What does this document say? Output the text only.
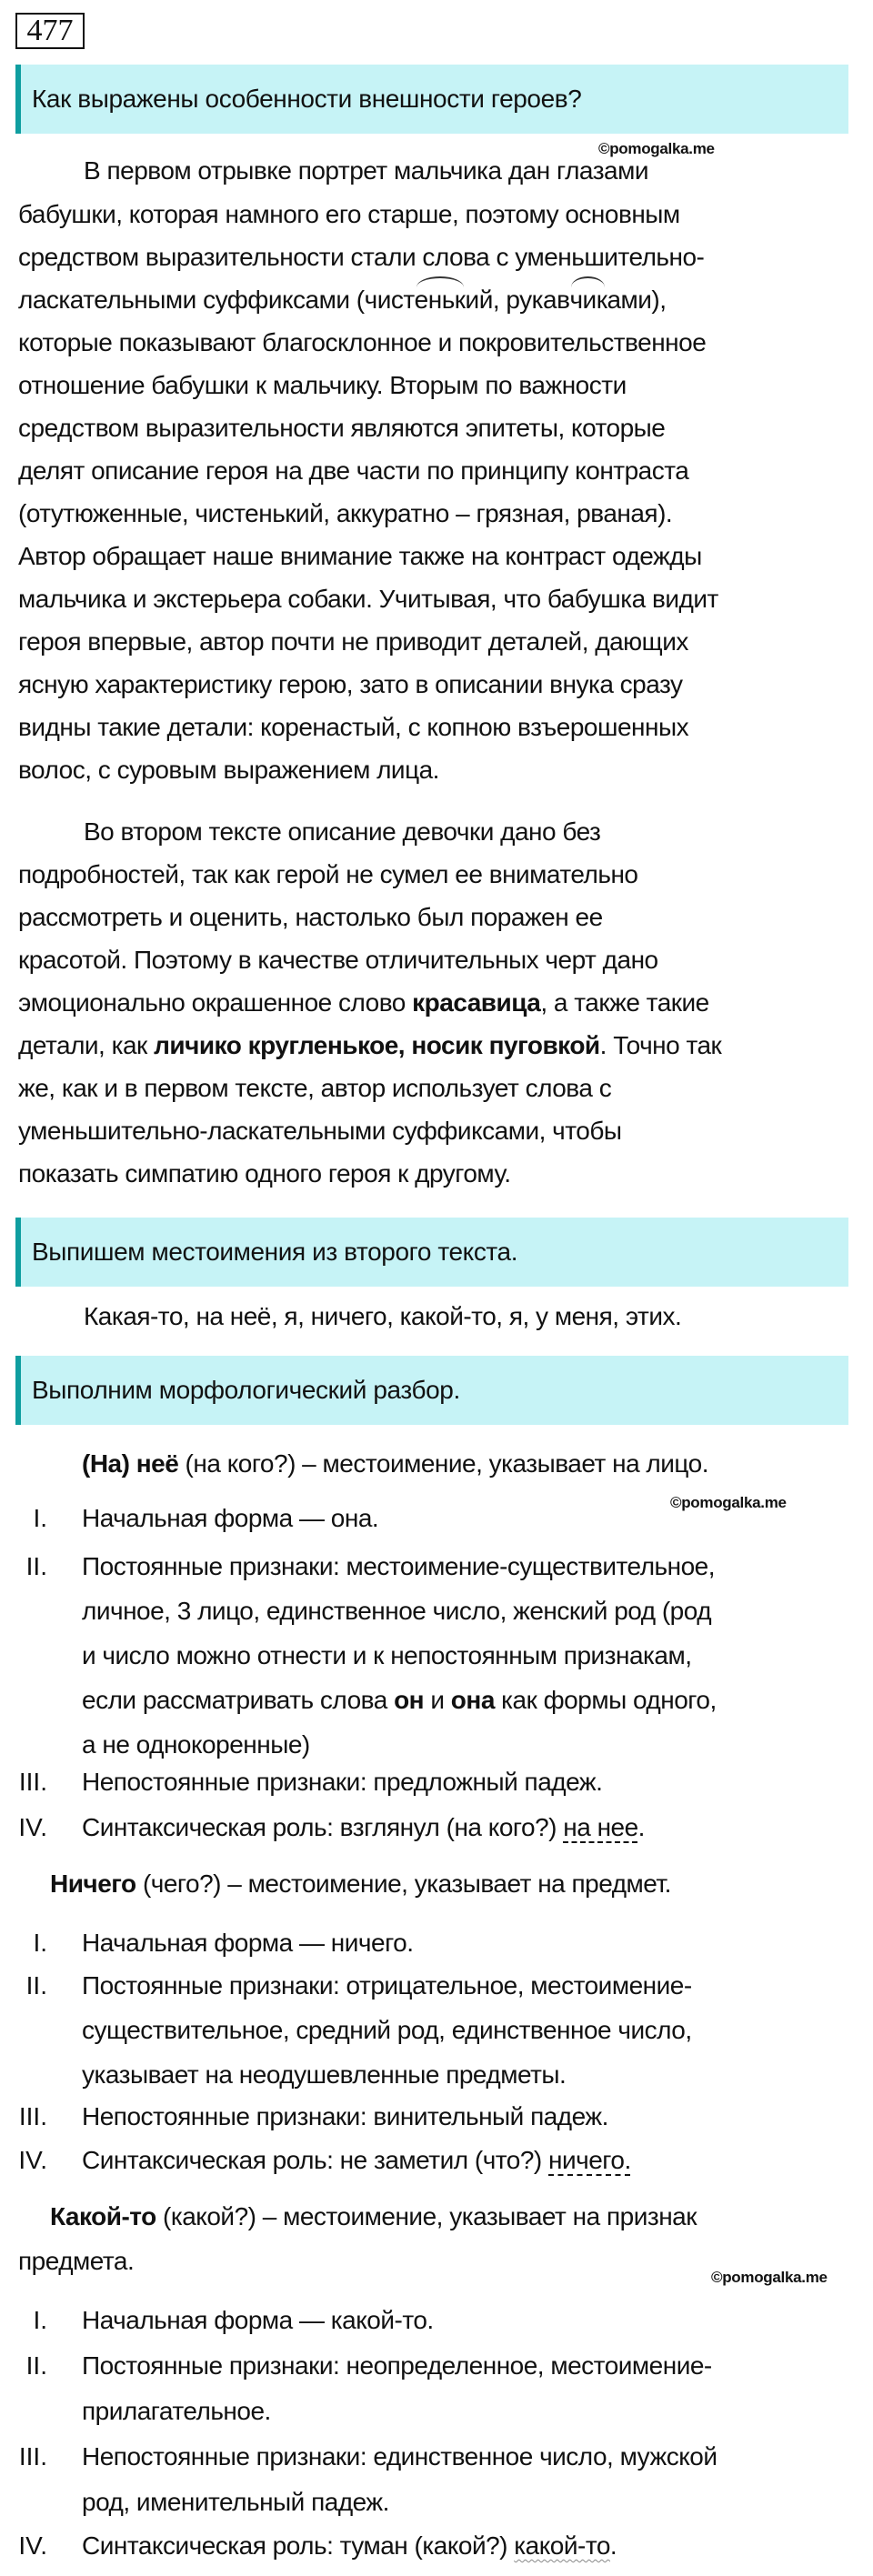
477
Как выражены особенности внешности героев?
©pomogalka.me
В первом отрывке портрет мальчика дан глазами
бабушки, которая намного его старше, поэтому основным
средством выразительности стали слова с уменьшительно-
ласкательными суффиксами (чистенький, рукавчиками),
которые показывают благосклонное и покровительственное
отношение бабушки к мальчику. Вторым по важности
средством выразительности являются эпитеты, которые
делят описание героя на две части по принципу контраста
(отутюженные, чистенький, аккуратно – грязная, рваная).
Автор обращает наше внимание также на контраст одежды
мальчика и экстерьера собаки. Учитывая, что бабушка видит
героя впервые, автор почти не приводит деталей, дающих
ясную характеристику герою, зато в описании внука сразу
видны такие детали: коренастый, с копною взъерошенных
волос, с суровым выражением лица.
Во втором тексте описание девочки дано без
подробностей, так как герой не сумел ее внимательно
рассмотреть и оценить, настолько был поражен ее
красотой. Поэтому в качестве отличительных черт дано
эмоционально окрашенное слово красавица, а также такие
детали, как личико кругленькое, носик пуговкой. Точно так
же, как и в первом тексте, автор использует слова с
уменьшительно-ласкательными суффиксами, чтобы
показать симпатию одного героя к другому.
Выпишем местоимения из второго текста.
Какая-то, на неё, я, ничего, какой-то, я, у меня, этих.
Выполним морфологический разбор.
(На) неё (на кого?) – местоимение, указывает на лицо.
©pomogalka.me
I. Начальная форма — она.
II. Постоянные признаки: местоимение-существительное,
личное, 3 лицо, единственное число, женский род (род
и число можно отнести и к непостоянным признакам,
если рассматривать слова он и она как формы одного,
а не однокоренные)
III. Непостоянные признаки: предложный падеж.
IV. Синтаксическая роль: взглянул (на кого?) на нее.
Ничего (чего?) – местоимение, указывает на предмет.
I. Начальная форма — ничего.
II. Постоянные признаки: отрицательное, местоимение-
существительное, средний род, единственное число,
указывает на неодушевленные предметы.
III. Непостоянные признаки: винительный падеж.
IV. Синтаксическая роль: не заметил (что?) ничего.
Какой-то (какой?) – местоимение, указывает на признак
предмета.
©pomogalka.me
I. Начальная форма — какой-то.
II. Постоянные признаки: неопределенное, местоимение-
прилагательное.
III. Непостоянные признаки: единственное число, мужской
род, именительный падеж.
IV. Синтаксическая роль: туман (какой?) какой-то.
